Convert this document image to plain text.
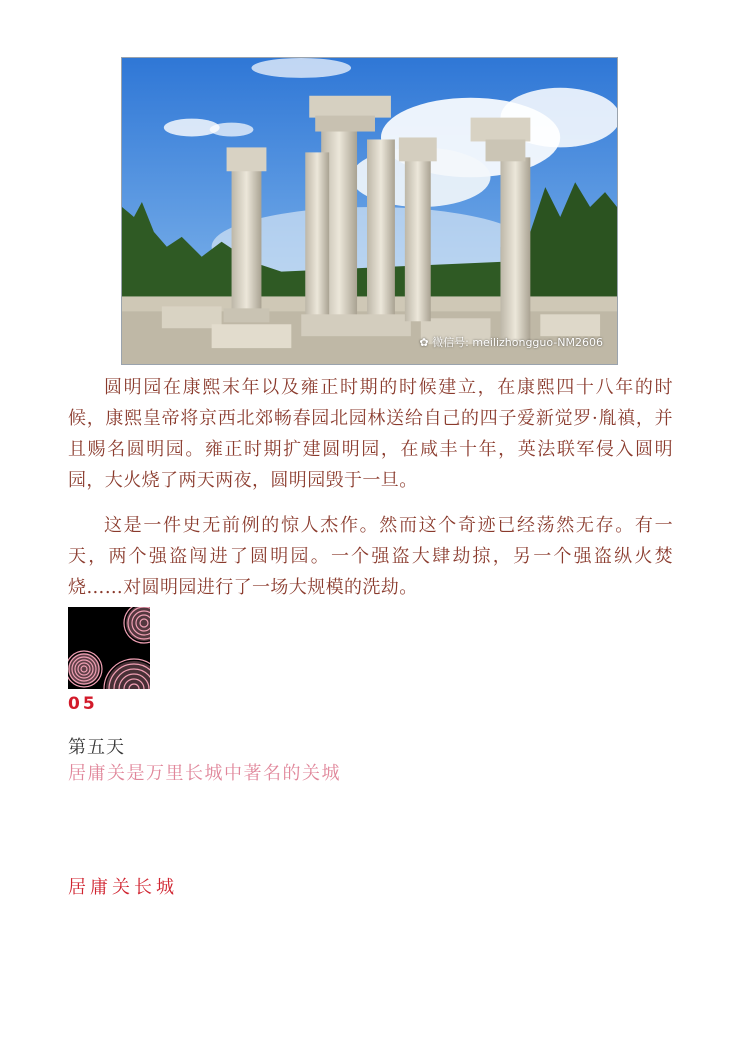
✿ 微信号: meilizhongguo-NM2606

圆明园在康熙末年以及雍正时期的时候建立，在康熙四十八年的时候，康熙皇帝将京西北郊畅春园北园林送给自己的四子爱新觉罗·胤禛，并且赐名圆明园。雍正时期扩建圆明园，在咸丰十年，英法联军侵入圆明园，大火烧了两天两夜，圆明园毁于一旦。

这是一件史无前例的惊人杰作。然而这个奇迹已经荡然无存。有一天，两个强盗闯进了圆明园。一个强盗大肆劫掠，另一个强盗纵火焚烧……对圆明园进行了一场大规模的洗劫。

05
第五天
居庸关是万里长城中著名的关城
居庸关长城
